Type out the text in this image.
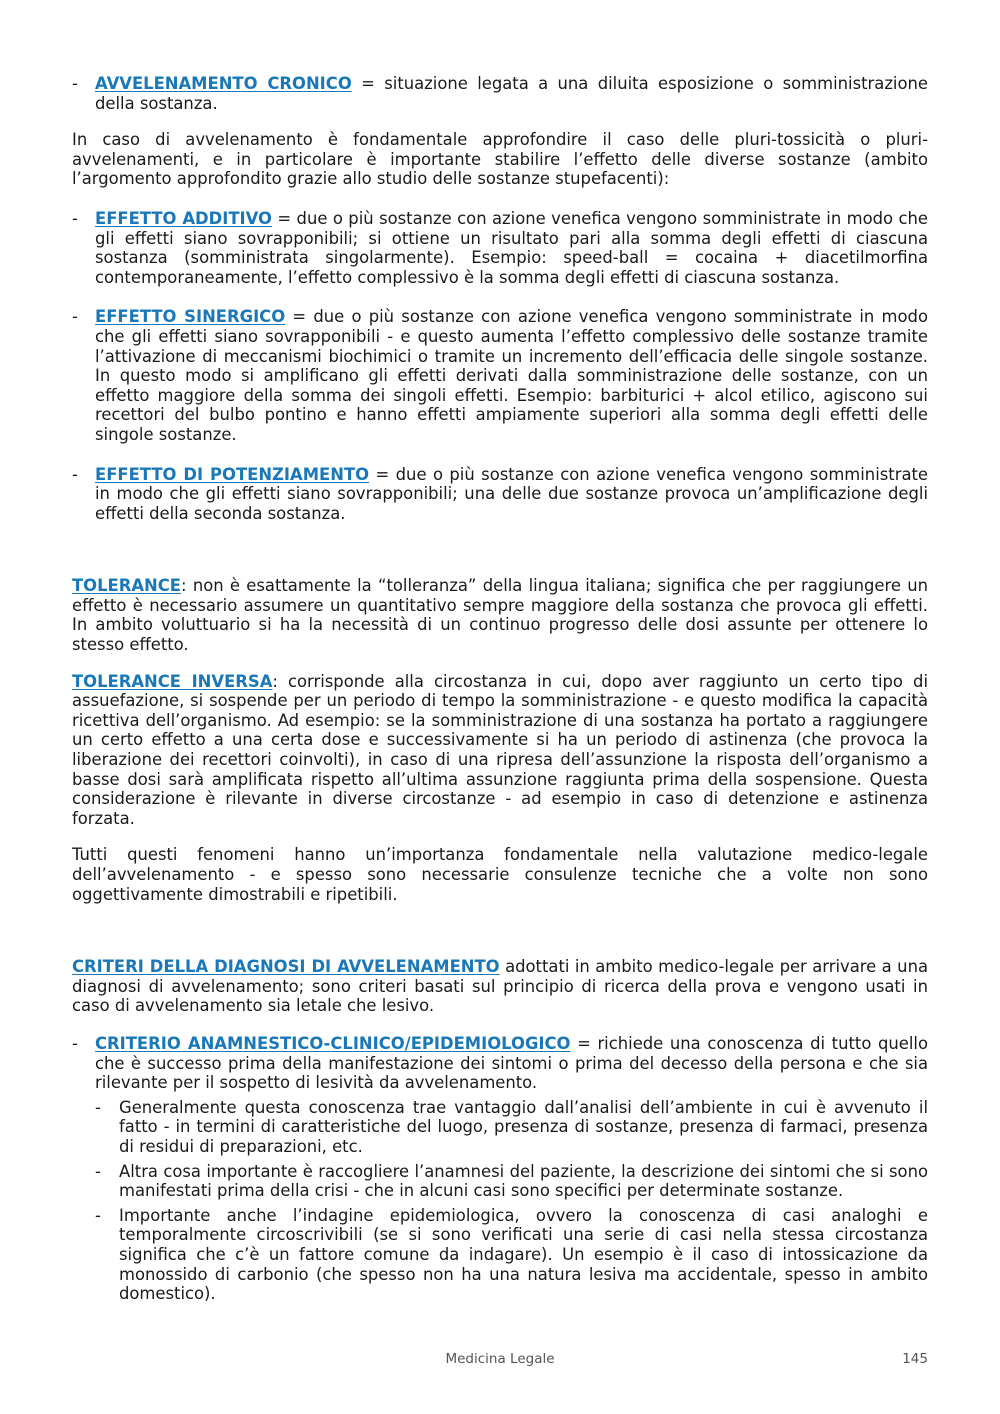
- AVVELENAMENTO CRONICO = situazione legata a una diluita esposizione o somministrazione della sostanza.

In caso di avvelenamento è fondamentale approfondire il caso delle pluri-tossicità o pluri-avvelenamenti, e in particolare è importante stabilire l’effetto delle diverse sostanze (ambito l’argomento approfondito grazie allo studio delle sostanze stupefacenti):

- EFFETTO ADDITIVO = due o più sostanze con azione venefica vengono somministrate in modo che gli effetti siano sovrapponibili; si ottiene un risultato pari alla somma degli effetti di ciascuna sostanza (somministrata singolarmente). Esempio: speed-ball = cocaina + diacetilmorfina contemporaneamente, l’effetto complessivo è la somma degli effetti di ciascuna sostanza.
- EFFETTO SINERGICO = due o più sostanze con azione venefica vengono somministrate in modo che gli effetti siano sovrapponibili - e questo aumenta l’effetto complessivo delle sostanze tramite l’attivazione di meccanismi biochimici o tramite un incremento dell’efficacia delle singole sostanze. In questo modo si amplificano gli effetti derivati dalla somministrazione delle sostanze, con un effetto maggiore della somma dei singoli effetti. Esempio: barbiturici + alcol etilico, agiscono sui recettori del bulbo pontino e hanno effetti ampiamente superiori alla somma degli effetti delle singole sostanze.
- EFFETTO DI POTENZIAMENTO = due o più sostanze con azione venefica vengono somministrate in modo che gli effetti siano sovrapponibili; una delle due sostanze provoca un’amplificazione degli effetti della seconda sostanza.

TOLERANCE: non è esattamente la “tolleranza” della lingua italiana; significa che per raggiungere un effetto è necessario assumere un quantitativo sempre maggiore della sostanza che provoca gli effetti. In ambito voluttuario si ha la necessità di un continuo progresso delle dosi assunte per ottenere lo stesso effetto.

TOLERANCE INVERSA: corrisponde alla circostanza in cui, dopo aver raggiunto un certo tipo di assuefazione, si sospende per un periodo di tempo la somministrazione - e questo modifica la capacità ricettiva dell’organismo. Ad esempio: se la somministrazione di una sostanza ha portato a raggiungere un certo effetto a una certa dose e successivamente si ha un periodo di astinenza (che provoca la liberazione dei recettori coinvolti), in caso di una ripresa dell’assunzione la risposta dell’organismo a basse dosi sarà amplificata rispetto all’ultima assunzione raggiunta prima della sospensione. Questa considerazione è rilevante in diverse circostanze - ad esempio in caso di detenzione e astinenza forzata.

Tutti questi fenomeni hanno un’importanza fondamentale nella valutazione medico-legale dell’avvelenamento - e spesso sono necessarie consulenze tecniche che a volte non sono oggettivamente dimostrabili e ripetibili.

CRITERI DELLA DIAGNOSI DI AVVELENAMENTO adottati in ambito medico-legale per arrivare a una diagnosi di avvelenamento; sono criteri basati sul principio di ricerca della prova e vengono usati in caso di avvelenamento sia letale che lesivo.

- CRITERIO ANAMNESTICO-CLINICO/EPIDEMIOLOGICO = richiede una conoscenza di tutto quello che è successo prima della manifestazione dei sintomi o prima del decesso della persona e che sia rilevante per il sospetto di lesività da avvelenamento.
- Generalmente questa conoscenza trae vantaggio dall’analisi dell’ambiente in cui è avvenuto il fatto - in termini di caratteristiche del luogo, presenza di sostanze, presenza di farmaci, presenza di residui di preparazioni, etc.
- Altra cosa importante è raccogliere l’anamnesi del paziente, la descrizione dei sintomi che si sono manifestati prima della crisi - che in alcuni casi sono specifici per determinate sostanze.
- Importante anche l’indagine epidemiologica, ovvero la conoscenza di casi analoghi e temporalmente circoscrivibili (se si sono verificati una serie di casi nella stessa circostanza significa che c’è un fattore comune da indagare). Un esempio è il caso di intossicazione da monossido di carbonio (che spesso non ha una natura lesiva ma accidentale, spesso in ambito domestico).
Medicina Legale	145
